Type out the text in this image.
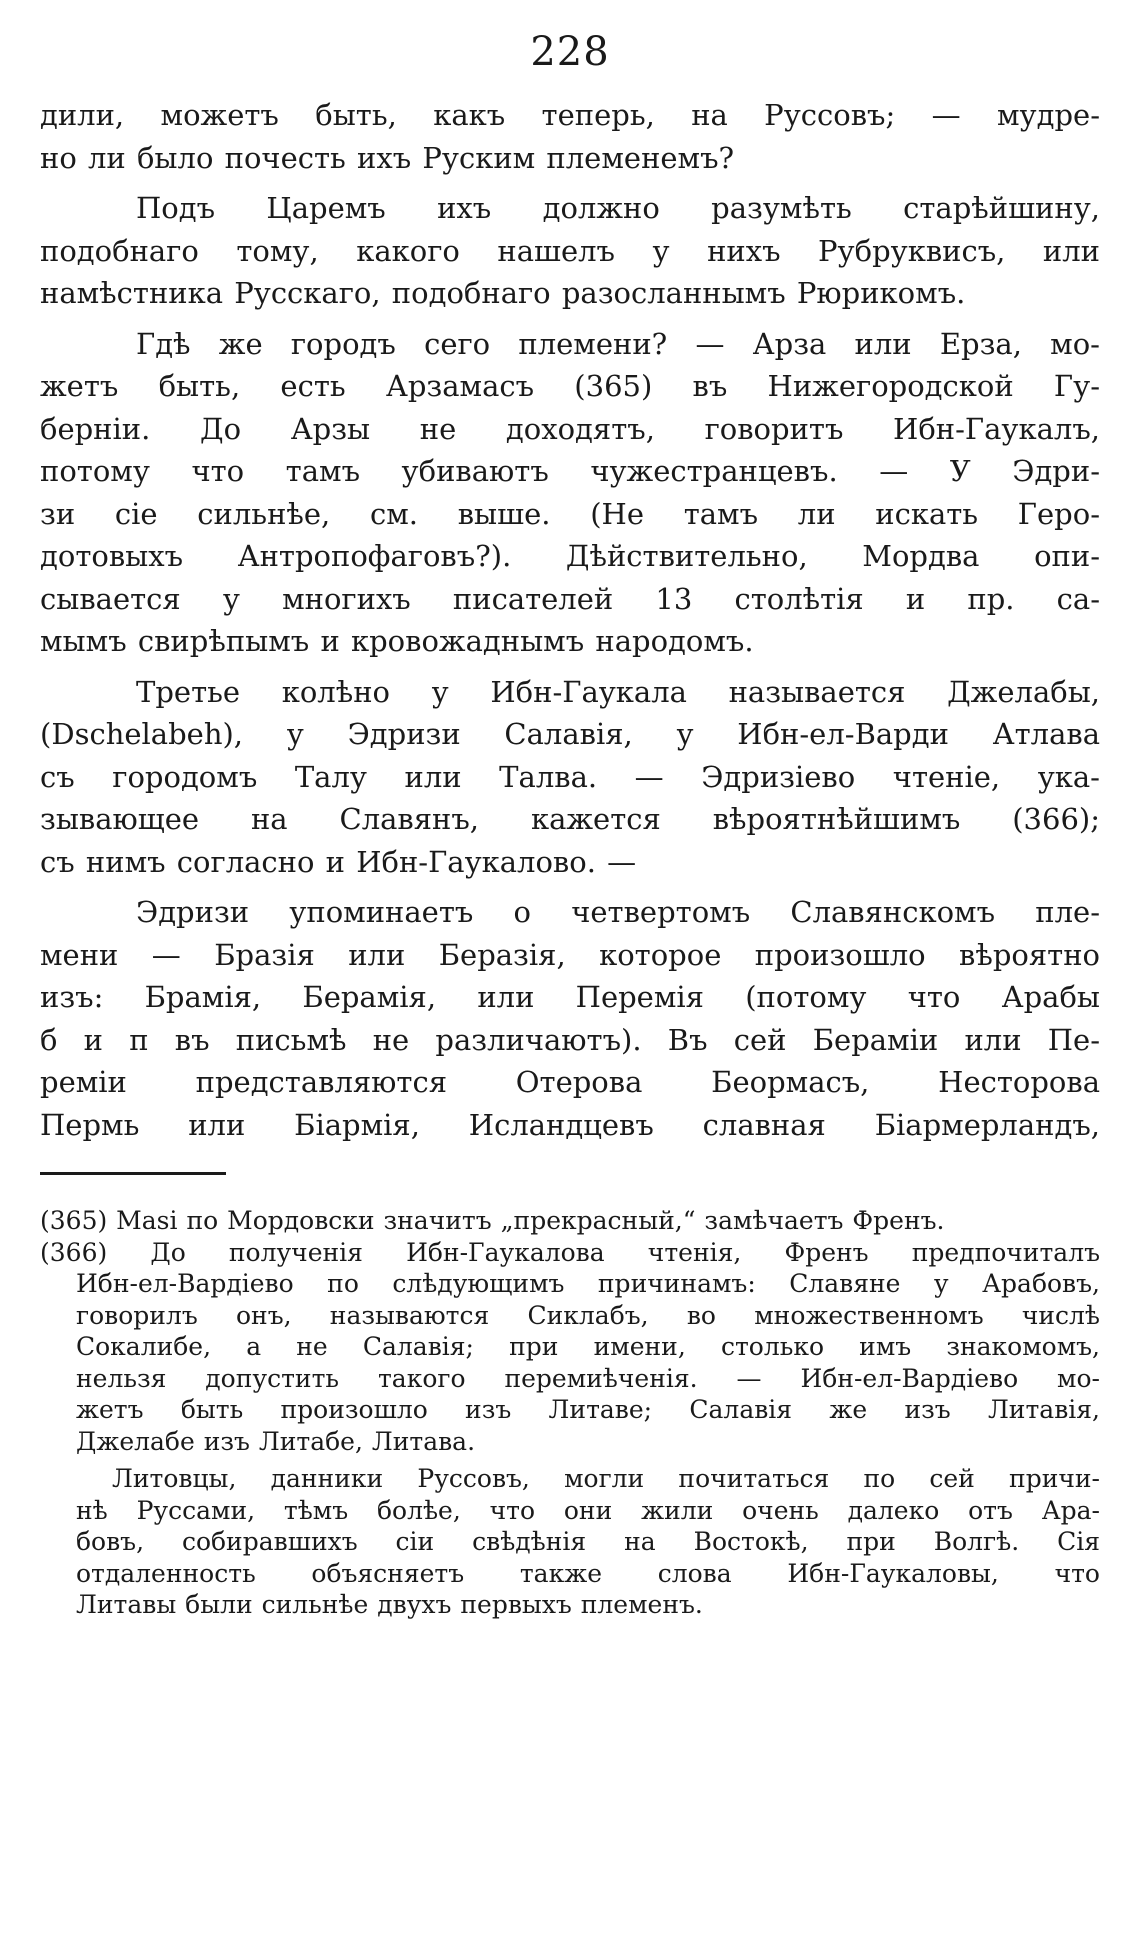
228

дили, можетъ быть, какъ теперь, на Руссовъ; — мудре-

но ли было почесть ихъ Руским племенемъ?

Подъ Царемъ ихъ должно разумѣть старѣйшину,

подобнаго тому, какого нашелъ у нихъ Рубруквисъ, или

намѣстника Русскаго, подобнаго разосланнымъ Рюрикомъ.

Гдѣ же городъ сего племени? — Арза или Ерза, мо-

жетъ быть, есть Арзамасъ (365) въ Нижегородской Гу-

берніи. До Арзы не доходятъ, говоритъ Ибн-Гаукалъ,

потому что тамъ убиваютъ чужестранцевъ. — У Эдри-

зи сіе сильнѣе, см. выше. (Не тамъ ли искать Геро-

дотовыхъ Антропофаговъ?). Дѣйствительно, Мордва опи-

сывается у многихъ писателей 13 столѣтія и пр. са-

мымъ свирѣпымъ и кровожаднымъ народомъ.

Третье колѣно у Ибн-Гаукала называется Джелабы,

(Dschelabeh), у Эдризи Салавія, у Ибн-ел-Варди Атлава

съ городомъ Талу или Талва. — Эдризіево чтеніе, ука-

зывающее на Славянъ, кажется вѣроятнѣйшимъ (366);

съ нимъ согласно и Ибн-Гаукалово. —

Эдризи упоминаетъ о четвертомъ Славянскомъ пле-

мени — Бразія или Беразія, которое произошло вѣроятно

изъ: Брамія, Берамія, или Перемія (потому что Арабы

б и п въ письмѣ не различаютъ). Въ сей Берамiи или Пе-

ремiи представляются Отерова Беормасъ, Несторова

Пермь или Біармія, Исландцевъ славная Біармерландъ,

(365) Masi по Мордовски значитъ „прекрасный,“ замѣчаетъ Френъ.

(366) До полученія Ибн-Гаукалова чтенія, Френъ предпочиталъ

Ибн-ел-Вардіево по слѣдующимъ причинамъ: Славяне у Арабовъ,

говорилъ онъ, называются Сиклабъ, во множественномъ числѣ

Сокалибе, а не Салавія; при имени, столько имъ знакомомъ,

нельзя допустить такого перемиѣченія. — Ибн-ел-Вардіево мо-

жетъ быть произошло изъ Литаве; Салавія же изъ Литавія,

Джелабе изъ Литабе, Литава.

Литовцы, данники Руссовъ, могли почитаться по сей причи-

нѣ Руссами, тѣмъ болѣе, что они жили очень далеко отъ Ара-

бовъ, собиравшихъ сіи свѣдѣнія на Востокѣ, при Волгѣ. Сія

отдаленность объясняетъ также слова Ибн-Гаукаловы, что

Литавы были сильнѣе двухъ первыхъ племенъ.
